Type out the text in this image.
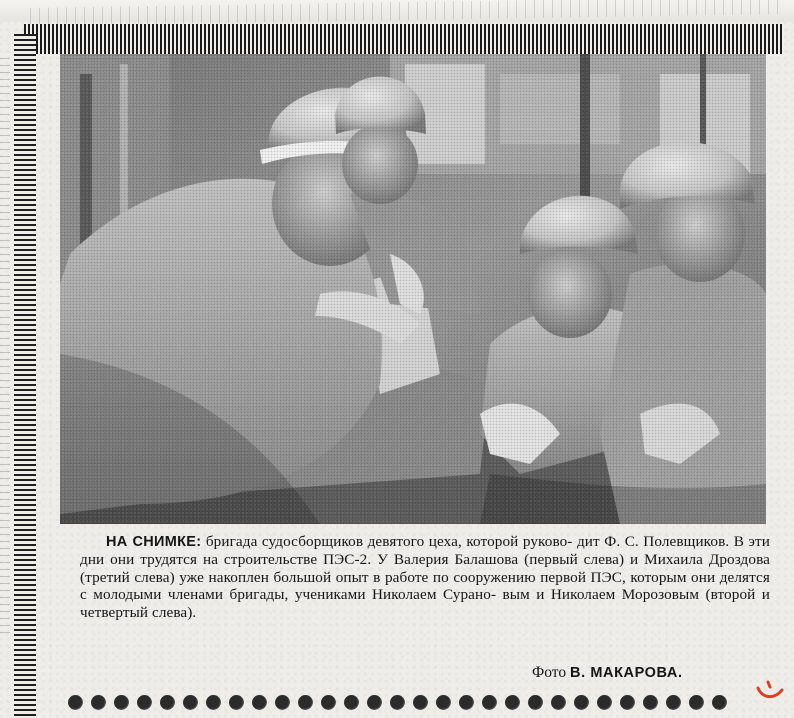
НА СНИМКЕ: бригада судосборщиков девятого цеха, которой руково- дит Ф. С. Полевщиков. В эти дни они трудятся на строительстве ПЭС-2. У Валерия Балашова (первый слева) и Михаила Дроздова (третий слева) уже накоплен большой опыт в работе по сооружению первой ПЭС, которым они делятся с молодыми членами бригады, учениками Николаем Сурано- вым и Николаем Морозовым (второй и четвертый слева).

Фото В. МАКАРОВА.
